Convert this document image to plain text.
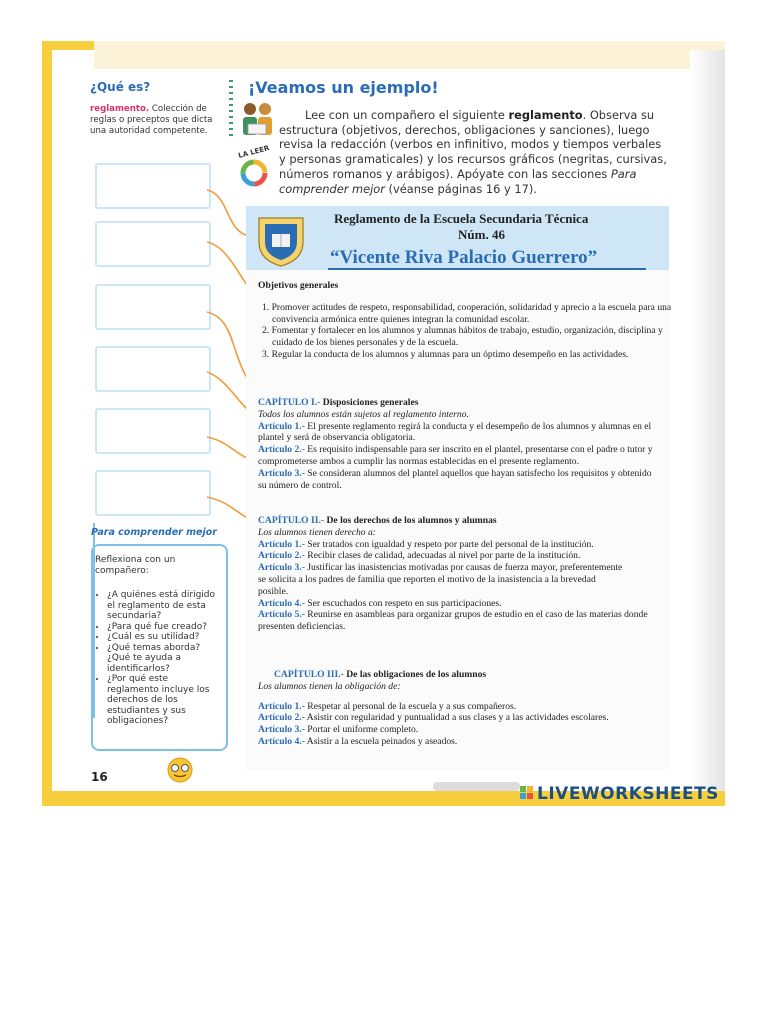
¿Qué es?
reglamento. Colección de reglas o preceptos que dicta una autoridad competente.
Para comprender mejor
Reflexiona con un compañero:
• ¿A quiénes está dirigido el reglamento de esta secundaria?
• ¿Para qué fue creado?
• ¿Cuál es su utilidad?
• ¿Qué temas aborda? ¿Qué te ayuda a identificarlos?
• ¿Por qué este reglamento incluye los derechos de los estudiantes y sus obligaciones?
16
¡Veamos un ejemplo!
LA LEER
Lee con un compañero el siguiente reglamento. Observa su estructura (objetivos, derechos, obligaciones y sanciones), luego revisa la redacción (verbos en infinitivo, modos y tiempos verbales y personas gramaticales) y los recursos gráficos (negritas, cursivas, números romanos y arábigos). Apóyate con las secciones Para comprender mejor (véanse páginas 16 y 17).
Reglamento de la Escuela Secundaria Técnica
Núm. 46
“Vicente Riva Palacio Guerrero”
Objetivos generales
1. Promover actitudes de respeto, responsabilidad, cooperación, solidaridad y aprecio a la escuela para una convivencia armónica entre quienes integran la comunidad escolar.
2. Fomentar y fortalecer en los alumnos y alumnas hábitos de trabajo, estudio, organización, disciplina y cuidado de los bienes personales y de la escuela.
3. Regular la conducta de los alumnos y alumnas para un óptimo desempeño en las actividades.
CAPÍTULO I.- Disposiciones generales
Todos los alumnos están sujetos al reglamento interno.
Artículo 1.- El presente reglamento regirá la conducta y el desempeño de los alumnos y alumnas en el plantel y será de observancia obligatoria.
Artículo 2.- Es requisito indispensable para ser inscrito en el plantel, presentarse con el padre o tutor y comprometerse ambos a cumplir las normas establecidas en el presente reglamento.
Artículo 3.- Se consideran alumnos del plantel aquellos que hayan satisfecho los requisitos y obtenido su número de control.
CAPÍTULO II.- De los derechos de los alumnos y alumnas
Los alumnos tienen derecho a:
Artículo 1.- Ser tratados con igualdad y respeto por parte del personal de la institución.
Artículo 2.- Recibir clases de calidad, adecuadas al nivel por parte de la institución.
Artículo 3.- Justificar las inasistencias motivadas por causas de fuerza mayor, preferentemente se solicita a los padres de familia que reporten el motivo de la inasistencia a la brevedad posible.
Artículo 4.- Ser escuchados con respeto en sus participaciones.
Artículo 5.- Reunirse en asambleas para organizar grupos de estudio en el caso de las materias donde presenten deficiencias.
CAPÍTULO III.- De las obligaciones de los alumnos
Los alumnos tienen la obligación de:
Artículo 1.- Respetar al personal de la escuela y a sus compañeros.
Artículo 2.- Asistir con regularidad y puntualidad a sus clases y a las actividades escolares.
Artículo 3.- Portar el uniforme completo.
Artículo 4.- Asistir a la escuela peinados y aseados.
LIVEWORKSHEETS
